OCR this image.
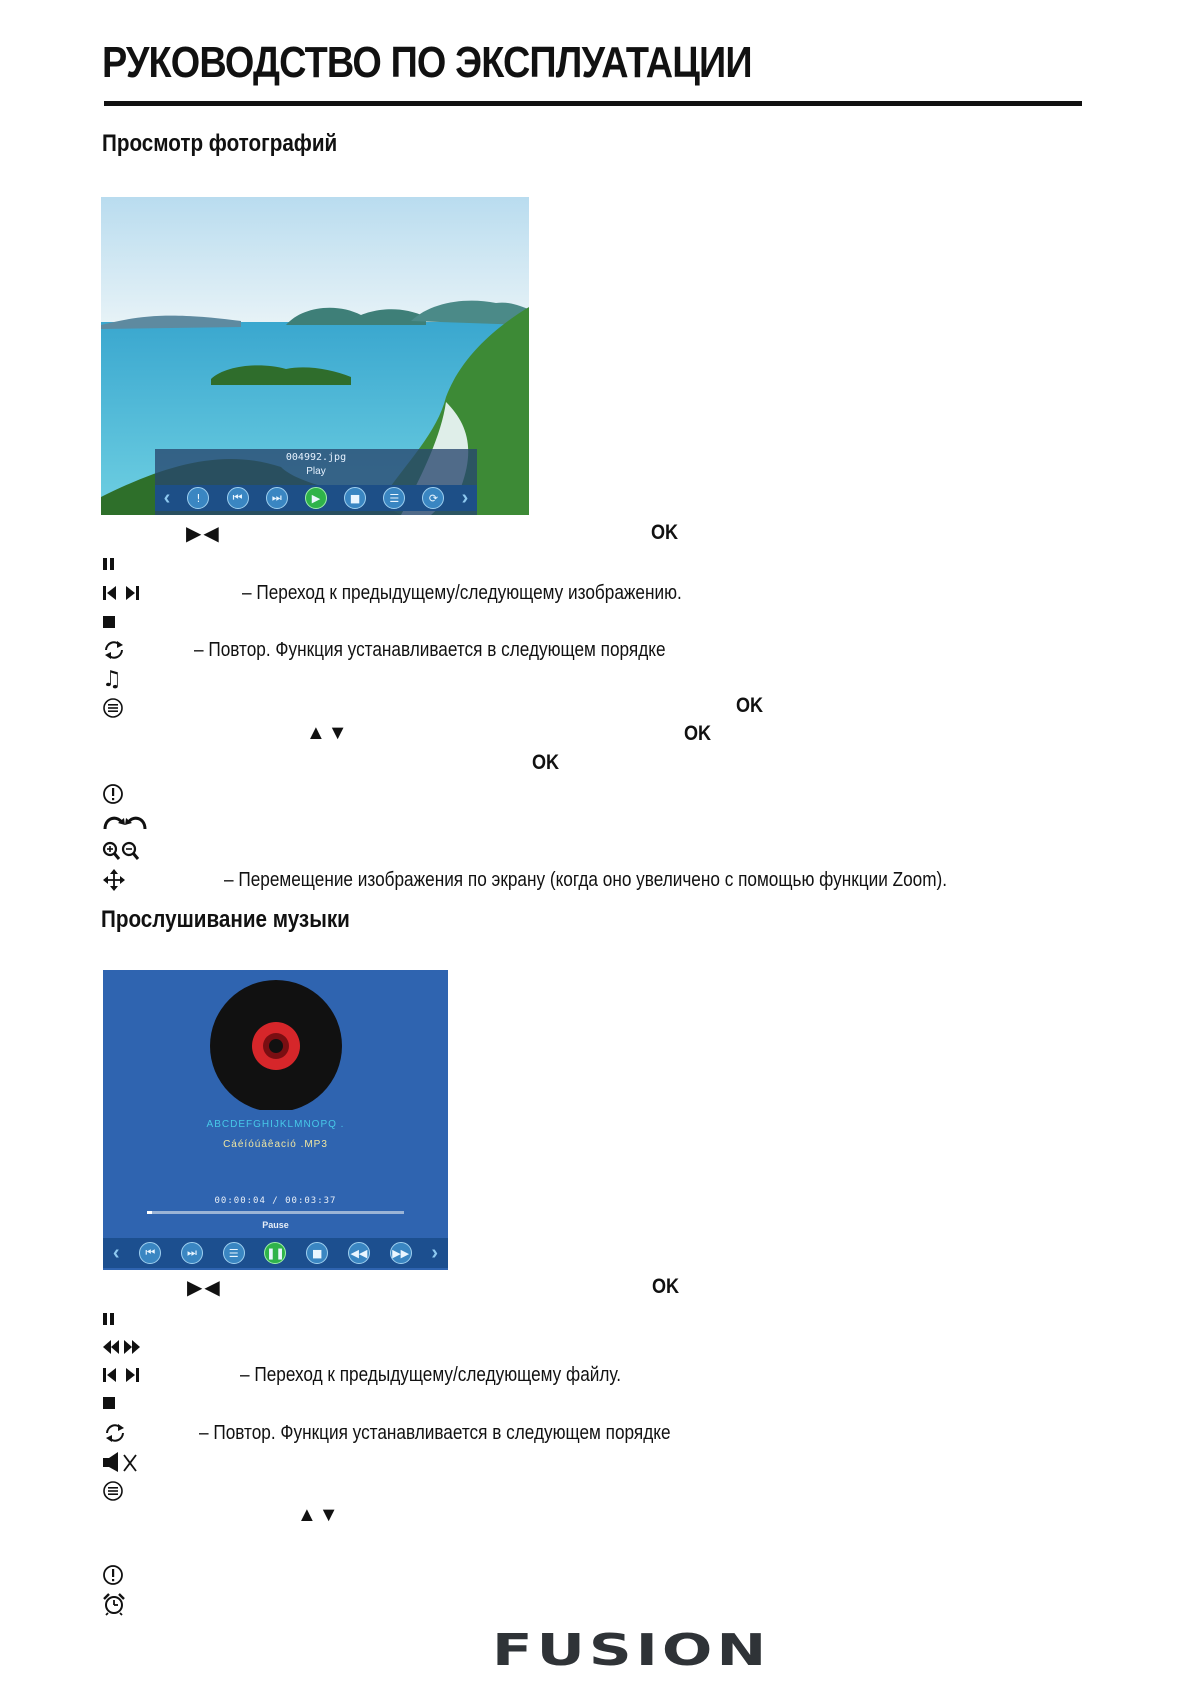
РУКОВОДСТВО ПО ЭКСПЛУАТАЦИИ
Просмотр фотографий
004992.jpg
Play
‹	!	⏮	⏭	▶	■	☰	⟳	›
▶◀	OK
– Переход к предыдущему/следующему изображению.
– Повтор. Функция устанавливается в следующем порядке
♫
OK
▲▼	OK
OK
– Перемещение изображения по экрану (когда оно увеличено с помощью функции Zoom).
Прослушивание музыки
ABCDEFGHIJKLMNOPQ .
Cáéíóúâêació .MP3
00:00:04 / 00:03:37
Pause
‹	⏮	⏭	☰	❚❚	■	◀◀ ▶▶ ›
▶◀	OK
– Переход к предыдущему/следующему файлу.
– Повтор. Функция устанавливается в следующем порядке
▲▼
FUSION
